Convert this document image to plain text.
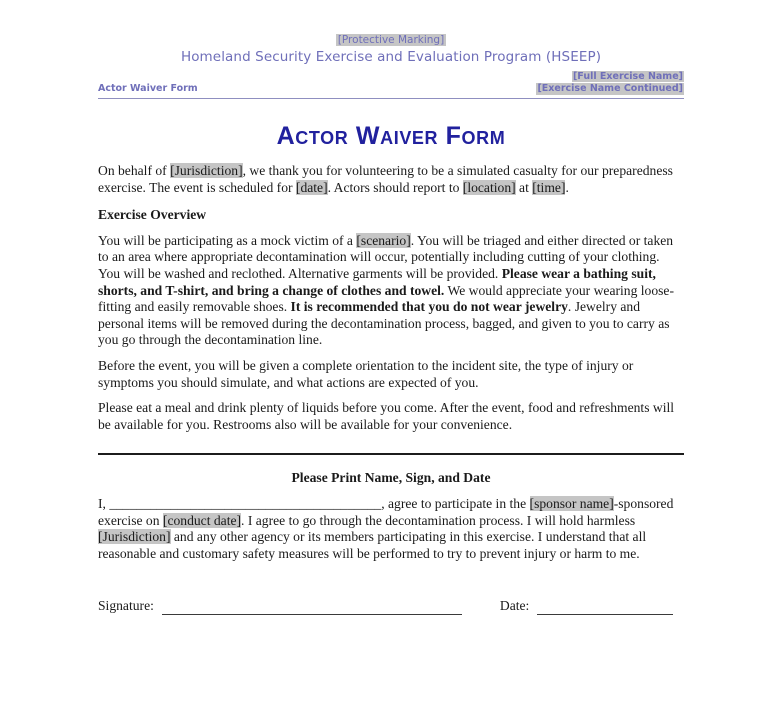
[Protective Marking]
Homeland Security Exercise and Evaluation Program (HSEEP)
[Full Exercise Name]
Actor Waiver Form	[Exercise Name Continued]
Actor Waiver Form

On behalf of [Jurisdiction], we thank you for volunteering to be a simulated casualty for our preparedness exercise. The event is scheduled for [date]. Actors should report to [location] at [time].

Exercise Overview

You will be participating as a mock victim of a [scenario]. You will be triaged and either directed or taken to an area where appropriate decontamination will occur, potentially including cutting of your clothing. You will be washed and reclothed. Alternative garments will be provided. Please wear a bathing suit, shorts, and T-shirt, and bring a change of clothes and towel. We would appreciate your wearing loose-fitting and easily removable shoes. It is recommended that you do not wear jewelry. Jewelry and personal items will be removed during the decontamination process, bagged, and given to you to carry as you go through the decontamination line.

Before the event, you will be given a complete orientation to the incident site, the type of injury or symptoms you should simulate, and what actions are expected of you.

Please eat a meal and drink plenty of liquids before you come. After the event, food and refreshments will be available for you. Restrooms also will be available for your convenience.

Please Print Name, Sign, and Date

I, ________________________________________, agree to participate in the [sponsor name]-sponsored exercise on [conduct date]. I agree to go through the decontamination process. I will hold harmless [Jurisdiction] and any other agency or its members participating in this exercise. I understand that all reasonable and customary safety measures will be performed to try to prevent injury or harm to me.

Signature:	Date:
